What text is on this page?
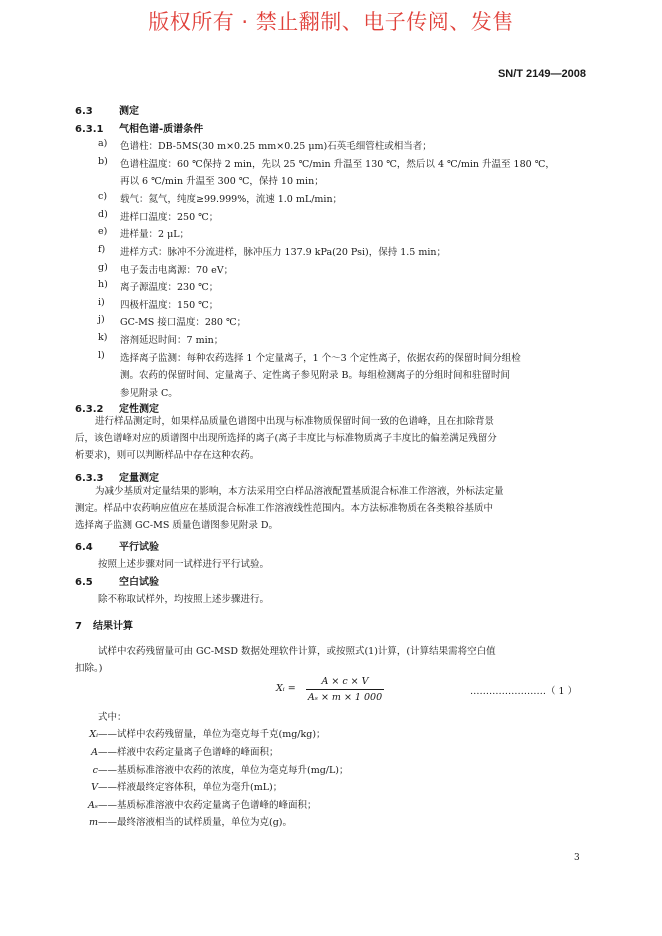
版权所有 · 禁止翻制、电子传阅、发售
SN/T 2149—2008
6.3	测定
6.3.1 气相色谱-质谱条件
a)	色谱柱：DB-5MS(30 m×0.25 mm×0.25 μm)石英毛细管柱或相当者；
b)	色谱柱温度：60 ℃保持 2 min，先以 25 ℃/min 升温至 130 ℃，然后以 4 ℃/min 升温至 180 ℃，
再以 6 ℃/min 升温至 300 ℃，保持 10 min；
c)	载气：氦气，纯度≥99.999%，流速 1.0 mL/min；
d)	进样口温度：250 ℃；
e)	进样量：2 μL；
f)	进样方式：脉冲不分流进样，脉冲压力 137.9 kPa(20 Psi)，保持 1.5 min；
g)	电子轰击电离源：70 eV；
h)	离子源温度：230 ℃；
i)	四极杆温度：150 ℃；
j)	GC-MS 接口温度：280 ℃；
k)	溶剂延迟时间：7 min；
l)	选择离子监测：每种农药选择 1 个定量离子，1 个～3 个定性离子，依据农药的保留时间分组检
测。农药的保留时间、定量离子、定性离子参见附录 B。每组检测离子的分组时间和驻留时间
参见附录 C。
6.3.2 定性测定
进行样品测定时，如果样品质量色谱图中出现与标准物质保留时间一致的色谱峰，且在扣除背景
后，该色谱峰对应的质谱图中出现所选择的离子(离子丰度比与标准物质离子丰度比的偏差满足残留分
析要求)，则可以判断样品中存在这种农药。
6.3.3 定量测定
为减少基质对定量结果的影响，本方法采用空白样品溶液配置基质混合标准工作溶液，外标法定量
测定。样品中农药响应值应在基质混合标准工作溶液线性范围内。本方法标准物质在各类粮谷基质中
选择离子监测 GC-MS 质量色谱图参见附录 D。
6.4	平行试验
按照上述步骤对同一试样进行平行试验。
6.5	空白试验
除不称取试样外，均按照上述步骤进行。
7 结果计算
试样中农药残留量可由 GC-MSD 数据处理软件计算，或按照式(1)计算，(计算结果需将空白值
扣除。)
Xᵢ =
A × c × V
Aₛ × m × 1 000
……………………（ 1 ）
式中：
Xᵢ——试样中农药残留量，单位为毫克每千克(mg/kg)；
A——样液中农药定量离子色谱峰的峰面积；
c——基质标准溶液中农药的浓度，单位为毫克每升(mg/L)；
V——样液最终定容体积，单位为毫升(mL)；
Aₛ——基质标准溶液中农药定量离子色谱峰的峰面积；
m——最终溶液相当的试样质量，单位为克(g)。
3
